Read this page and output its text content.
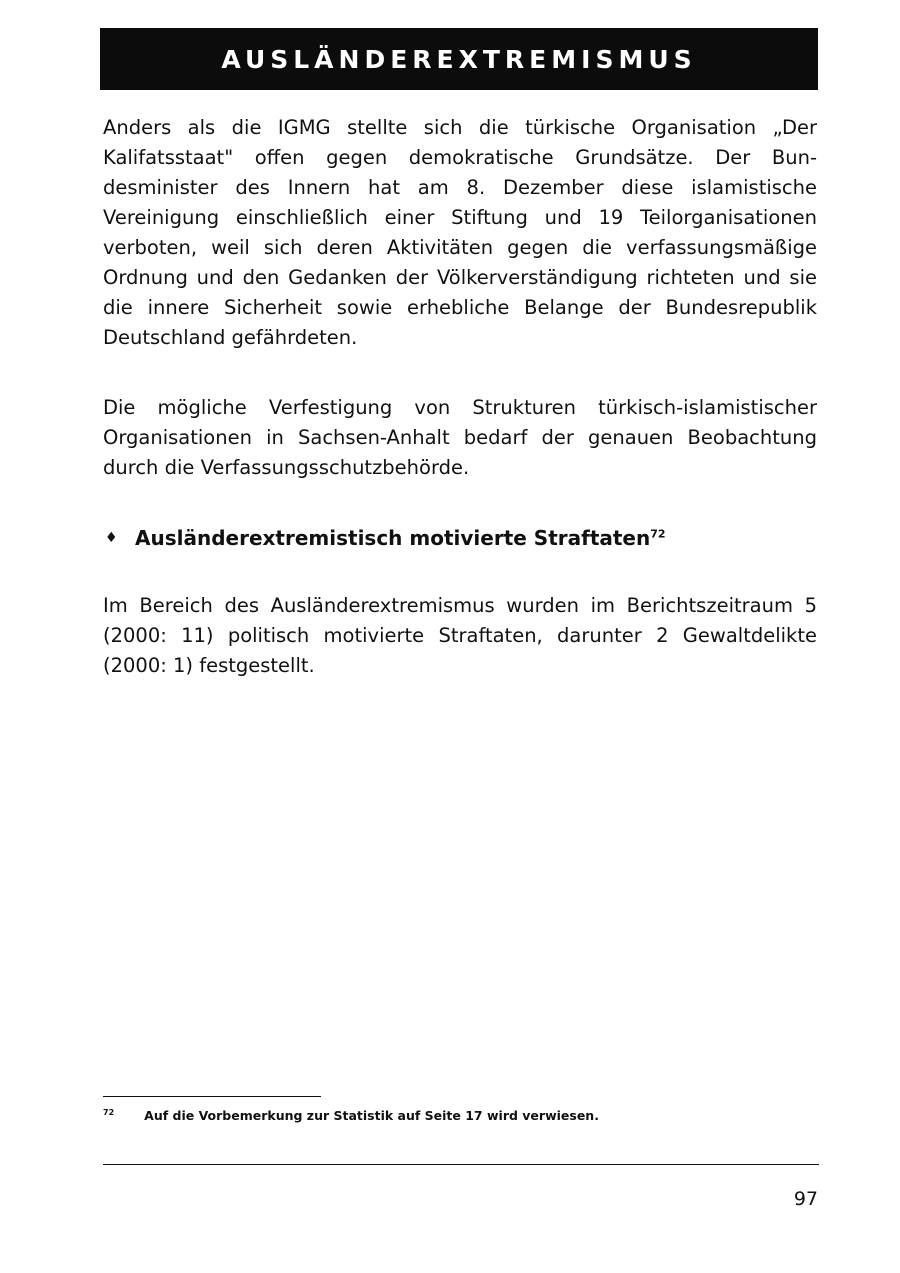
AUSLÄNDEREXTREMISMUS

Anders als die IGMG stellte sich die türkische Organisation „Der Kalifatsstaat" offen gegen demokratische Grundsätze. Der Bundesminister des Innern hat am 8. Dezember diese islamistische Vereinigung einschließlich einer Stiftung und 19 Teilorganisationen verboten, weil sich deren Aktivitäten gegen die verfassungsmäßige Ordnung und den Gedanken der Völkerverständigung richteten und sie die innere Sicherheit sowie erhebliche Belange der Bundesrepublik Deutschland gefährdeten.

Die mögliche Verfestigung von Strukturen türkisch-islamistischer Organisationen in Sachsen-Anhalt bedarf der genauen Beobachtung durch die Verfassungsschutzbehörde.

♦ Ausländerextremistisch motivierte Straftaten$^{72}$

Im Bereich des Ausländerextremismus wurden im Berichtszeitraum 5 (2000: 11) politisch motivierte Straftaten, darunter 2 Gewaltdelikte (2000: 1) festgestellt.

$^{72}$ Auf die Vorbemerkung zur Statistik auf Seite 17 wird verwiesen.
97
